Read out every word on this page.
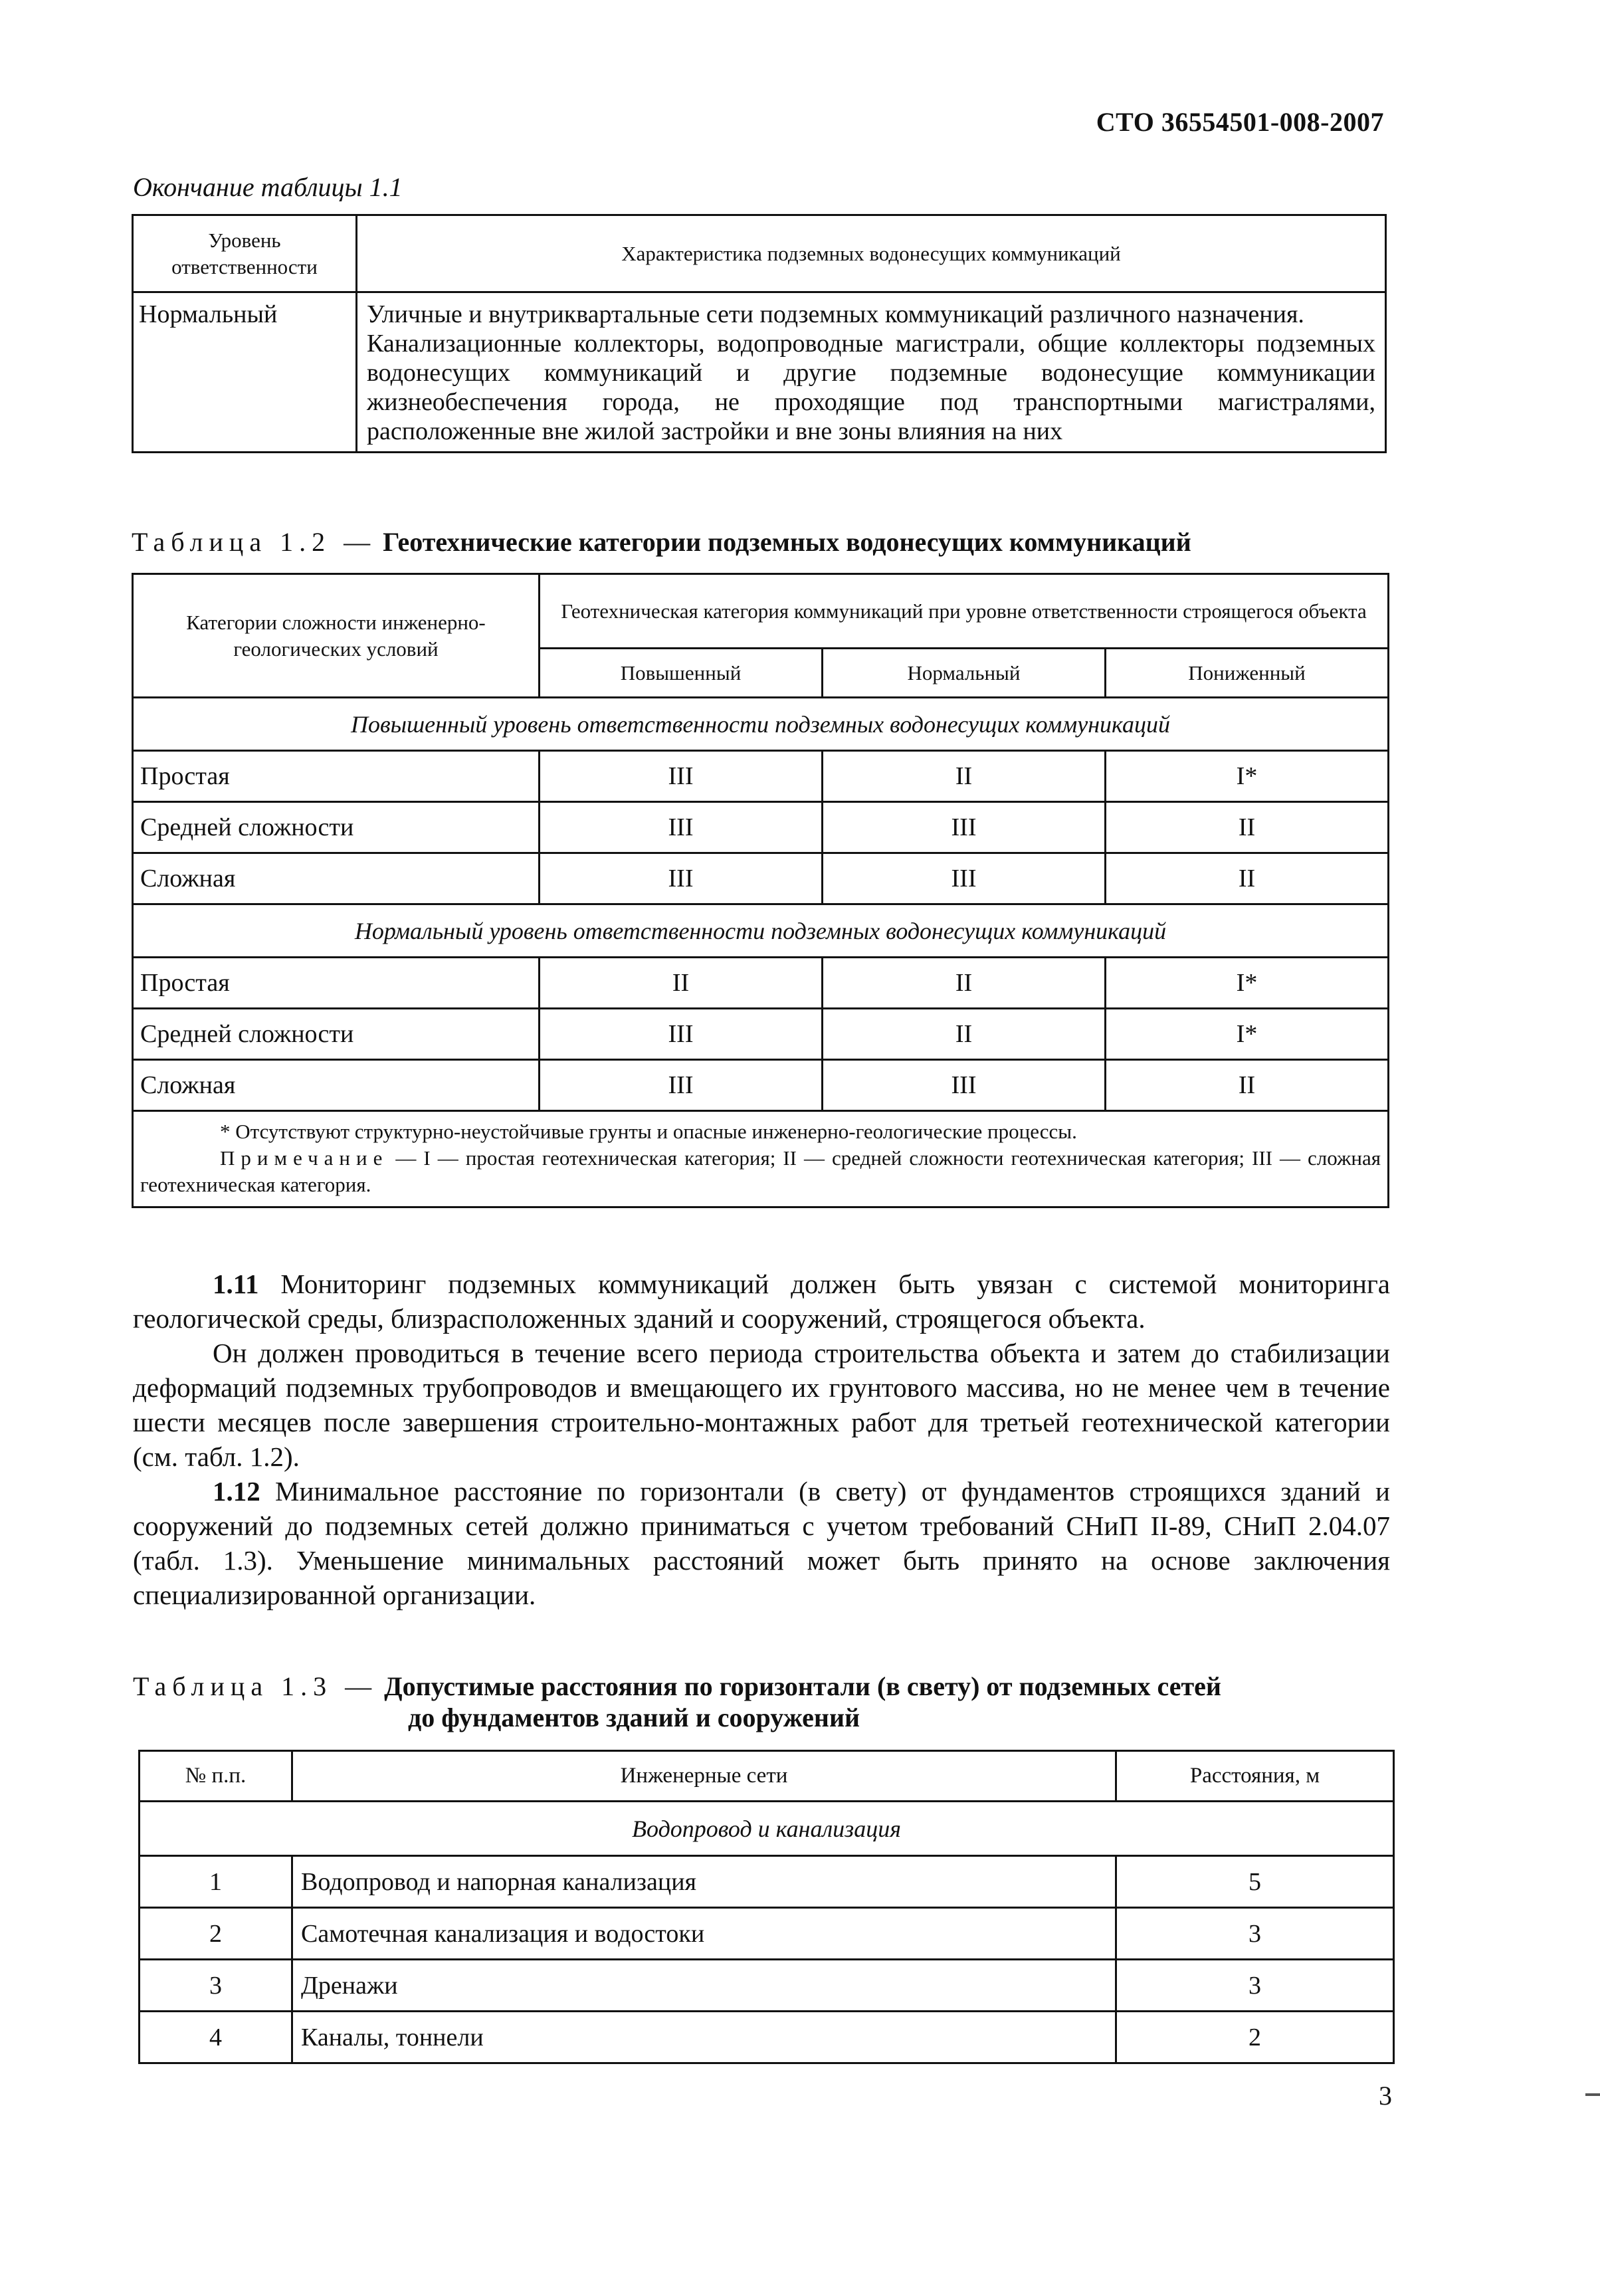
СТО 36554501-008-2007
Окончание таблицы 1.1
Уровень ответственности	Характеристика подземных водонесущих коммуникаций
Нормальный	Уличные и внутриквартальные сети подземных коммуникаций различного назначения.
Канализационные коллекторы, водопроводные магистрали, общие коллекторы подземных водонесущих коммуникаций и другие подземные водонесущие коммуникации жизнеобеспечения города, не проходящие под транспортными магистралями, расположенные вне жилой застройки и вне зоны влияния на них
Таблица 1.2 — Геотехнические категории подземных водонесущих коммуникаций
Категории сложности инженерно-геологических условий	Геотехническая категория коммуникаций при уровне ответственности строящегося объекта		
	Повышенный	Нормальный	Пониженный
Повышенный уровень ответственности подземных водонесущих коммуникаций			
Простая	III	II	I*
Средней сложности	III	III	II
Сложная	III	III	II
Нормальный уровень ответственности подземных водонесущих коммуникаций			
Простая	II	II	I*
Средней сложности	III	II	I*
Сложная	III	III	II

* Отсутствуют структурно-неустойчивые грунты и опасные инженерно-геологические процессы.

Примечание — I — простая геотехническая категория; II — средней сложности геотехническая категория; III — сложная геотехническая категория.			

1.11 Мониторинг подземных коммуникаций должен быть увязан с системой мониторинга геологической среды, близрасположенных зданий и сооружений, строящегося объекта.

Он должен проводиться в течение всего периода строительства объекта и затем до стабилизации деформаций подземных трубопроводов и вмещающего их грунтового массива, но не менее чем в течение шести месяцев после завершения строительно-монтажных работ для третьей геотехнической категории (см. табл. 1.2).

1.12 Минимальное расстояние по горизонтали (в свету) от фундаментов строящихся зданий и сооружений до подземных сетей должно приниматься с учетом требований СНиП II-89, СНиП 2.04.07 (табл. 1.3). Уменьшение минимальных расстояний может быть принято на основе заключения специализированной организации.

Таблица 1.3 — Допустимые расстояния по горизонтали (в свету) от подземных сетей
до фундаментов зданий и сооружений
№ п.п.	Инженерные сети	Расстояния, м
Водопровод и канализация		
1	Водопровод и напорная канализация	5
2	Самотечная канализация и водостоки	3
3	Дренажи	3
4	Каналы, тоннели	2
3
